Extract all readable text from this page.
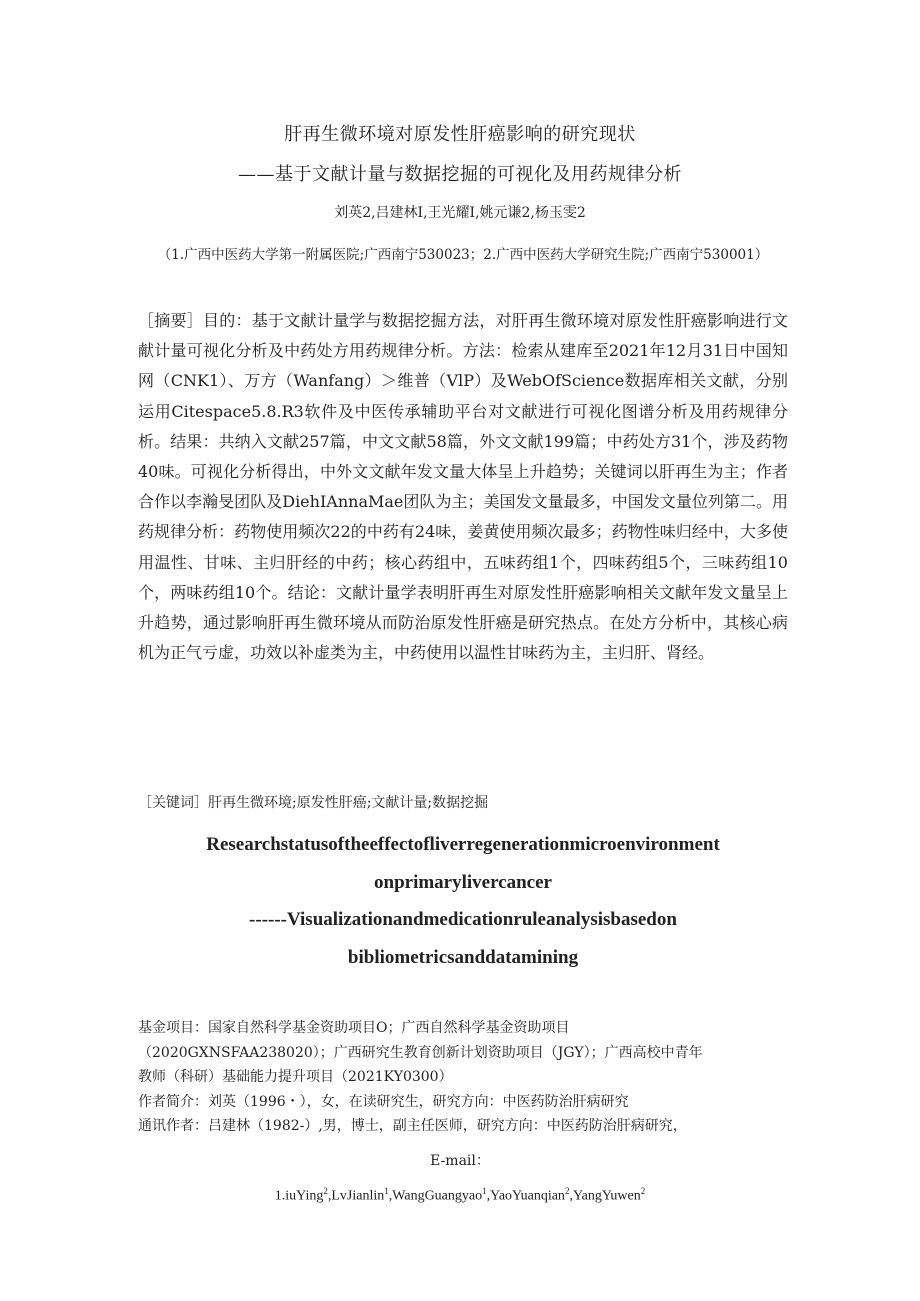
肝再生微环境对原发性肝癌影响的研究现状
——基于文献计量与数据挖掘的可视化及用药规律分析
刘英2,吕建林I,王光耀I,姚元谦2,杨玉雯2
（1.广西中医药大学第一附属医院;广西南宁530023；2.广西中医药大学研究生院;广西南宁530001）
［摘要］目的：基于文献计量学与数据挖掘方法，对肝再生微环境对原发性肝癌影响进行文献计量可视化分析及中药处方用药规律分析。方法：检索从建库至2021年12月31日中国知网（CNK1）、万方（Wanfang）＞维普（VlP）及WebOfScience数据库相关文献，分别运用Citespace5.8.R3软件及中医传承辅助平台对文献进行可视化图谱分析及用药规律分析。结果：共纳入文献257篇，中文文献58篇，外文文献199篇；中药处方31个，涉及药物40味。可视化分析得出，中外文文献年发文量大体呈上升趋势；关键词以肝再生为主；作者合作以李瀚旻团队及DiehIAnnaMae团队为主；美国发文量最多，中国发文量位列第二。用药规律分析：药物使用频次22的中药有24味，姜黄使用频次最多；药物性味归经中，大多使用温性、甘味、主归肝经的中药；核心药组中，五味药组1个，四味药组5个，三味药组10个，两味药组10个。结论：文献计量学表明肝再生对原发性肝癌影响相关文献年发文量呈上升趋势，通过影响肝再生微环境从而防治原发性肝癌是研究热点。在处方分析中，其核心病机为正气亏虚，功效以补虚类为主，中药使用以温性甘味药为主，主归肝、肾经。
［关键词］肝再生微环境;原发性肝癌;文献计量;数据挖掘
Researchstatusoftheeffectofliverregenerationmicroenvironment
onprimarylivercancer
------Visualizationandmedicationruleanalysisbasedon
bibliometricsanddatamining
基金项目：国家自然科学基金资助项目O；广西自然科学基金资助项目
（2020GXNSFAA238020）；广西研究生教育创新计划资助项目（JGY）；广西高校中青年
教师（科研）基础能力提升项目（2021KY0300）
作者简介：刘英（1996・），女，在读研究生，研究方向：中医药防治肝病研究
通讯作者：吕建林（1982-）,男，博士，副主任医师，研究方向：中医药防治肝病研究，
E-mail：
1.iuYing$^2$,LvJianlin$^1$,WangGuangyao$^1$,YaoYuanqian$^2$,YangYuwen$^2$
